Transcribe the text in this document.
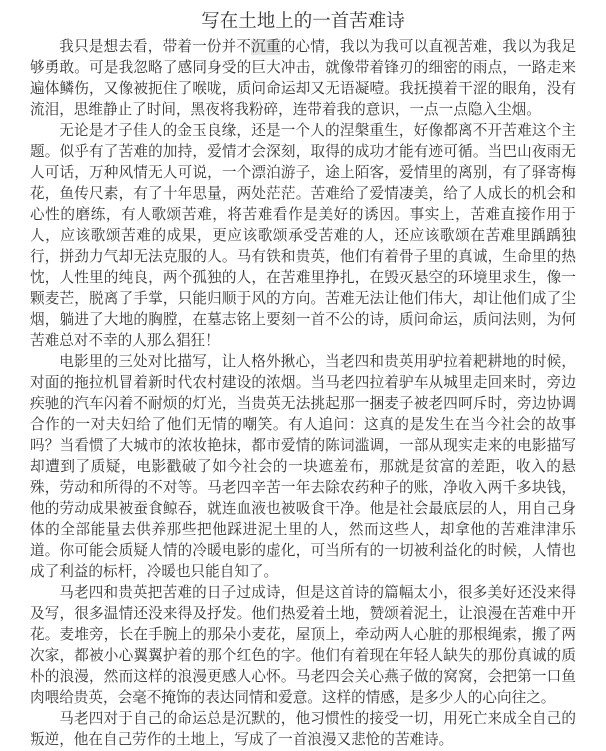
写在土地上的一首苦难诗

我只是想去看，带着一份并不沉重的心情，我以为我可以直视苦难，我以为我足够勇敢。可是我忽略了感同身受的巨大冲击，就像带着锋刃的细密的雨点，一路走来遍体鳞伤，又像被扼住了喉咙，质问命运却又无语凝噎。我抚摸着干涩的眼角，没有流泪，思维静止了时间，黑夜将我粉碎，连带着我的意识，一点一点隐入尘烟。

无论是才子佳人的金玉良缘，还是一个人的涅槃重生，好像都离不开苦难这个主题。似乎有了苦难的加持，爱情才会深刻，取得的成功才能有迹可循。当巴山夜雨无人可话，万种风情无人可说，一个漂泊游子，途上陌客，爱情里的离别，有了驿寄梅花，鱼传尺素，有了十年思量，两处茫茫。苦难给了爱情凄美，给了人成长的机会和心性的磨练，有人歌颂苦难，将苦难看作是美好的诱因。事实上，苦难直接作用于人，应该歌颂苦难的成果，更应该歌颂承受苦难的人，还应该歌颂在苦难里踽踽独行，拼劲力气却无法克服的人。马有铁和贵英，他们有着骨子里的真诚，生命里的热忱，人性里的纯良，两个孤独的人，在苦难里挣扎，在毁灭悬空的环境里求生，像一颗麦芒，脱离了手掌，只能归顺于风的方向。苦难无法让他们伟大，却让他们成了尘烟，躺进了大地的胸膛，在墓志铭上要刻一首不公的诗，质问命运，质问法则，为何苦难总对不幸的人那么猖狂！

电影里的三处对比描写，让人格外揪心，当老四和贵英用驴拉着耙耕地的时候，对面的拖拉机冒着新时代农村建设的浓烟。当马老四拉着驴车从城里走回来时，旁边疾驰的汽车闪着不耐烦的灯光，当贵英无法挑起那一捆麦子被老四呵斥时，旁边协调合作的一对夫妇给了他们无情的嘲笑。有人追问：这真的是发生在当今社会的故事吗？当看惯了大城市的浓妆艳抹，都市爱情的陈词滥调，一部从现实走来的电影描写却遭到了质疑，电影戳破了如今社会的一块遮羞布，那就是贫富的差距，收入的悬殊，劳动和所得的不对等。马老四辛苦一年去除农药种子的账，净收入两千多块钱，他的劳动成果被蚕食鲸吞，就连血液也被吸食干净。他是社会最底层的人，用自己身体的全部能量去供养那些把他踩进泥土里的人，然而这些人，却拿他的苦难津津乐道。你可能会质疑人情的冷暖电影的虚化，可当所有的一切被利益化的时候，人情也成了利益的标杆，冷暖也只能自知了。

马老四和贵英把苦难的日子过成诗，但是这首诗的篇幅太小，很多美好还没来得及写，很多温情还没来得及抒发。他们热爱着土地，赞颂着泥土，让浪漫在苦难中开花。麦堆旁，长在手腕上的那朵小麦花，屋顶上，牵动两人心脏的那根绳索，搬了两次家，都被小心翼翼护着的那个红色的字。他们有着现在年轻人缺失的那份真诚的质朴的浪漫，然而这样的浪漫更感人心怀。马老四会关心燕子做的窝窝，会把第一口鱼肉喂给贵英，会毫不掩饰的表达同情和爱意。这样的情感，是多少人的心向往之。

马老四对于自己的命运总是沉默的，他习惯性的接受一切，用死亡来成全自己的叛逆，他在自己劳作的土地上，写成了一首浪漫又悲怆的苦难诗。
